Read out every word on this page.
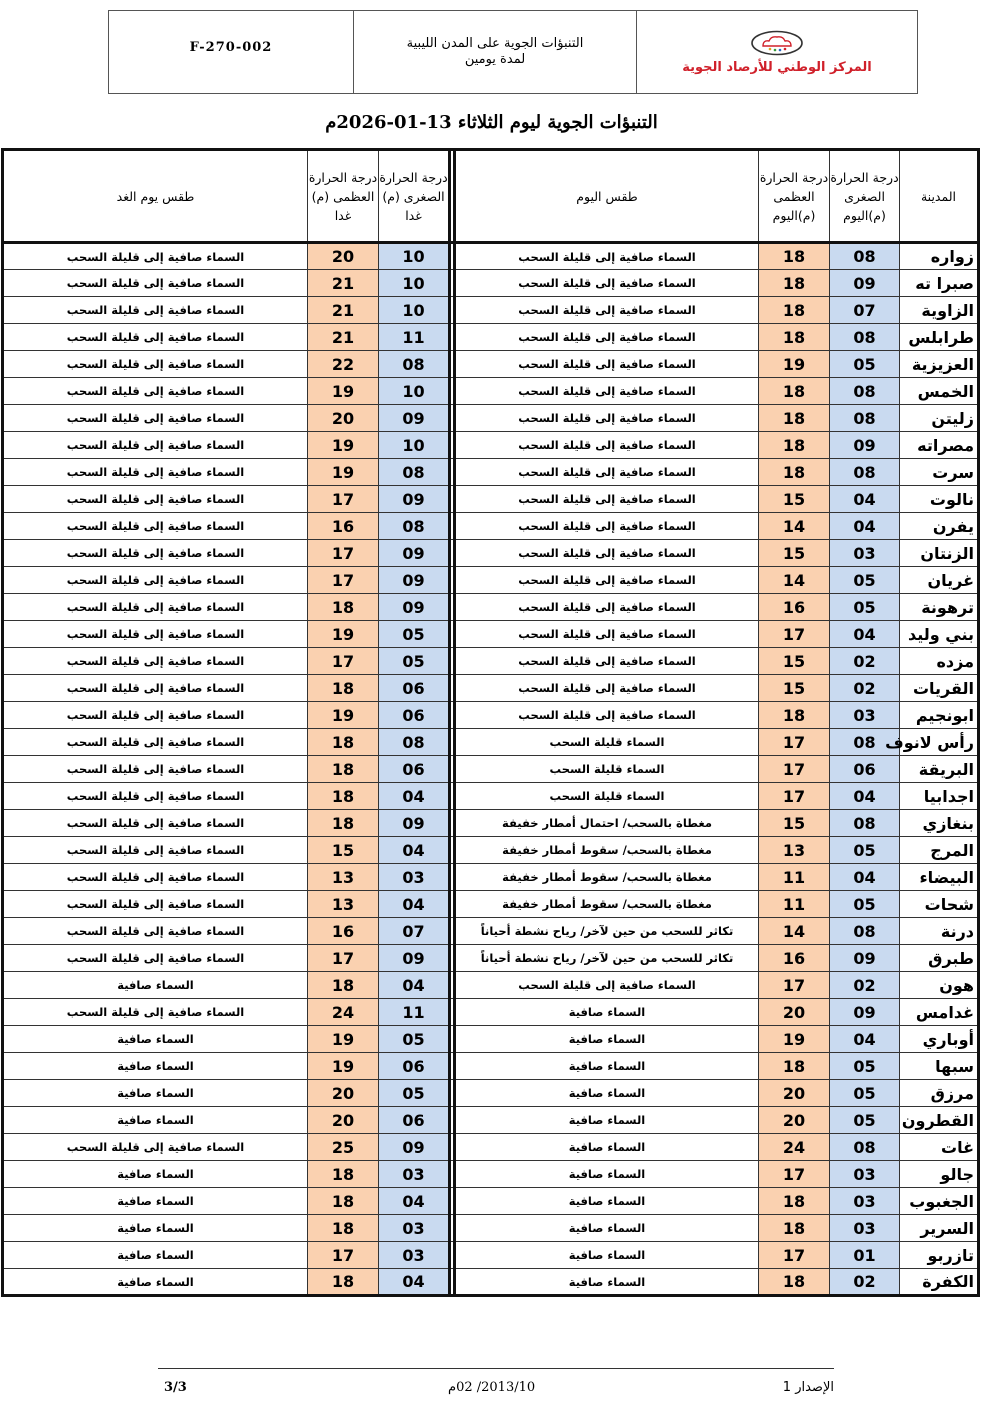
F-270-002	التنبؤات الجوية على المدن الليبية
لمدة يومين	المركز الوطني للأرصاد الجوية
التنبؤات الجوية ليوم الثلاثاء 13-01-2026م
المدينة	درجة الحرارة الصغرى (م)اليوم	درجة الحرارة العظمى (م)اليوم	طقس اليوم		درجة الحرارة الصغرى (م) غدا	درجة الحرارة العظمى (م) غدا	طقس يوم الغد
زواره	08	18	السماء صافية إلى قليلة السحب		10	20	السماء صافية إلى قليلة السحب
صبرا ته	09	18	السماء صافية إلى قليلة السحب		10	21	السماء صافية إلى قليلة السحب
الزاوية	07	18	السماء صافية إلى قليلة السحب		10	21	السماء صافية إلى قليلة السحب
طرابلس	08	18	السماء صافية إلى قليلة السحب		11	21	السماء صافية إلى قليلة السحب
العزيزية	05	19	السماء صافية إلى قليلة السحب		08	22	السماء صافية إلى قليلة السحب
الخمس	08	18	السماء صافية إلى قليلة السحب		10	19	السماء صافية إلى قليلة السحب
زليتن	08	18	السماء صافية إلى قليلة السحب		09	20	السماء صافية إلى قليلة السحب
مصراته	09	18	السماء صافية إلى قليلة السحب		10	19	السماء صافية إلى قليلة السحب
سرت	08	18	السماء صافية إلى قليلة السحب		08	19	السماء صافية إلى قليلة السحب
نالوت	04	15	السماء صافية إلى قليلة السحب		09	17	السماء صافية إلى قليلة السحب
يفرن	04	14	السماء صافية إلى قليلة السحب		08	16	السماء صافية إلى قليلة السحب
الزنتان	03	15	السماء صافية إلى قليلة السحب		09	17	السماء صافية إلى قليلة السحب
غريان	05	14	السماء صافية إلى قليلة السحب		09	17	السماء صافية إلى قليلة السحب
ترهونة	05	16	السماء صافية إلى قليلة السحب		09	18	السماء صافية إلى قليلة السحب
بني وليد	04	17	السماء صافية إلى قليلة السحب		05	19	السماء صافية إلى قليلة السحب
مزده	02	15	السماء صافية إلى قليلة السحب		05	17	السماء صافية إلى قليلة السحب
القريات	02	15	السماء صافية إلى قليلة السحب		06	18	السماء صافية إلى قليلة السحب
ابونجيم	03	18	السماء صافية إلى قليلة السحب		06	19	السماء صافية إلى قليلة السحب
رأس لانوف	08	17	السماء قليلة السحب		08	18	السماء صافية إلى قليلة السحب
البريقة	06	17	السماء قليلة السحب		06	18	السماء صافية إلى قليلة السحب
اجدابيا	04	17	السماء قليلة السحب		04	18	السماء صافية إلى قليلة السحب
بنغازي	08	15	مغطاة بالسحب/ احتمال أمطار خفيفة		09	18	السماء صافية إلى قليلة السحب
المرج	05	13	مغطاة بالسحب/ سقوط أمطار خفيفة		04	15	السماء صافية إلى قليلة السحب
البيضاء	04	11	مغطاة بالسحب/ سقوط أمطار خفيفة		03	13	السماء صافية إلى قليلة السحب
شحات	05	11	مغطاة بالسحب/ سقوط أمطار خفيفة		04	13	السماء صافية إلى قليلة السحب
درنة	08	14	تكاثر للسحب من حين لآخر/ رياح نشطة أحياناً		07	16	السماء صافية إلى قليلة السحب
طبرق	09	16	تكاثر للسحب من حين لآخر/ رياح نشطة أحياناً		09	17	السماء صافية إلى قليلة السحب
هون	02	17	السماء صافية إلى قليلة السحب		04	18	السماء صافية
غدامس	09	20	السماء صافية		11	24	السماء صافية إلى قليلة السحب
أوباري	04	19	السماء صافية		05	19	السماء صافية
سبها	05	18	السماء صافية		06	19	السماء صافية
مرزق	05	20	السماء صافية		05	20	السماء صافية
القطرون	05	20	السماء صافية		06	20	السماء صافية
غات	08	24	السماء صافية		09	25	السماء صافية إلى قليلة السحب
جالو	03	17	السماء صافية		03	18	السماء صافية
الجغبوب	03	18	السماء صافية		04	18	السماء صافية
السرير	03	18	السماء صافية		03	18	السماء صافية
تازربو	01	17	السماء صافية		03	17	السماء صافية
الكفرة	02	18	السماء صافية		04	18	السماء صافية
الإصدار 1
2013/10/ 02م
3/3
